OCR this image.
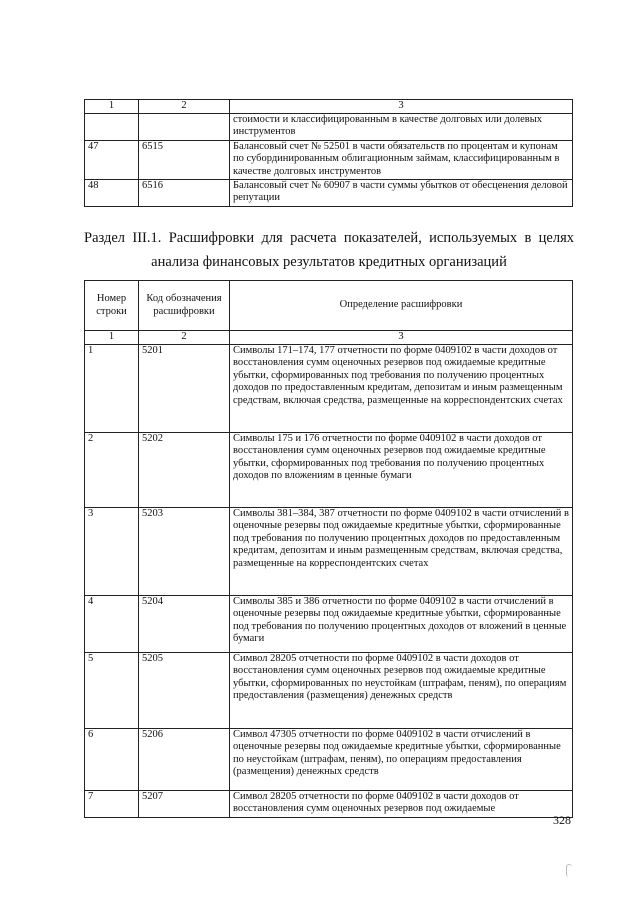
1	2	3
		стоимости и классифицированным в качестве долговых или долевых инструментов
47	6515	Балансовый счет № 52501 в части обязательств по процентам и купонам по субординированным облигационным займам, классифицированным в качестве долговых инструментов
48	6516	Балансовый счет № 60907 в части суммы убытков от обесценения деловой репутации
Раздел III.1. Расшифровки для расчета показателей, используемых в целях
анализа финансовых результатов кредитных организаций
Номер строки	Код обозначения расшифровки	Определение расшифровки
1	2	3
1	5201	Символы 171–174, 177 отчетности по форме 0409102 в части доходов от восстановления сумм оценочных резервов под ожидаемые кредитные убытки, сформированных под требования по получению процентных доходов по предоставленным кредитам, депозитам и иным размещенным средствам, включая средства, размещенные на корреспондентских счетах
2	5202	Символы 175 и 176 отчетности по форме 0409102 в части доходов от восстановления сумм оценочных резервов под ожидаемые кредитные убытки, сформированных под требования по получению процентных доходов по вложениям в ценные бумаги
3	5203	Символы 381–384, 387 отчетности по форме 0409102 в части отчислений в оценочные резервы под ожидаемые кредитные убытки, сформированные под требования по получению процентных доходов по предоставленным кредитам, депозитам и иным размещенным средствам, включая средства, размещенные на корреспондентских счетах
4	5204	Символы 385 и 386 отчетности по форме 0409102 в части отчислений в оценочные резервы под ожидаемые кредитные убытки, сформированные под требования по получению процентных доходов от вложений в ценные бумаги
5	5205	Символ 28205 отчетности по форме 0409102 в части доходов от восстановления сумм оценочных резервов под ожидаемые кредитные убытки, сформированных по неустойкам (штрафам, пеням), по операциям предоставления (размещения) денежных средств
6	5206	Символ 47305 отчетности по форме 0409102 в части отчислений в оценочные резервы под ожидаемые кредитные убытки, сформированные по неустойкам (штрафам, пеням), по операциям предоставления (размещения) денежных средств
7	5207	Символ 28205 отчетности по форме 0409102 в части доходов от восстановления сумм оценочных резервов под ожидаемые
328
